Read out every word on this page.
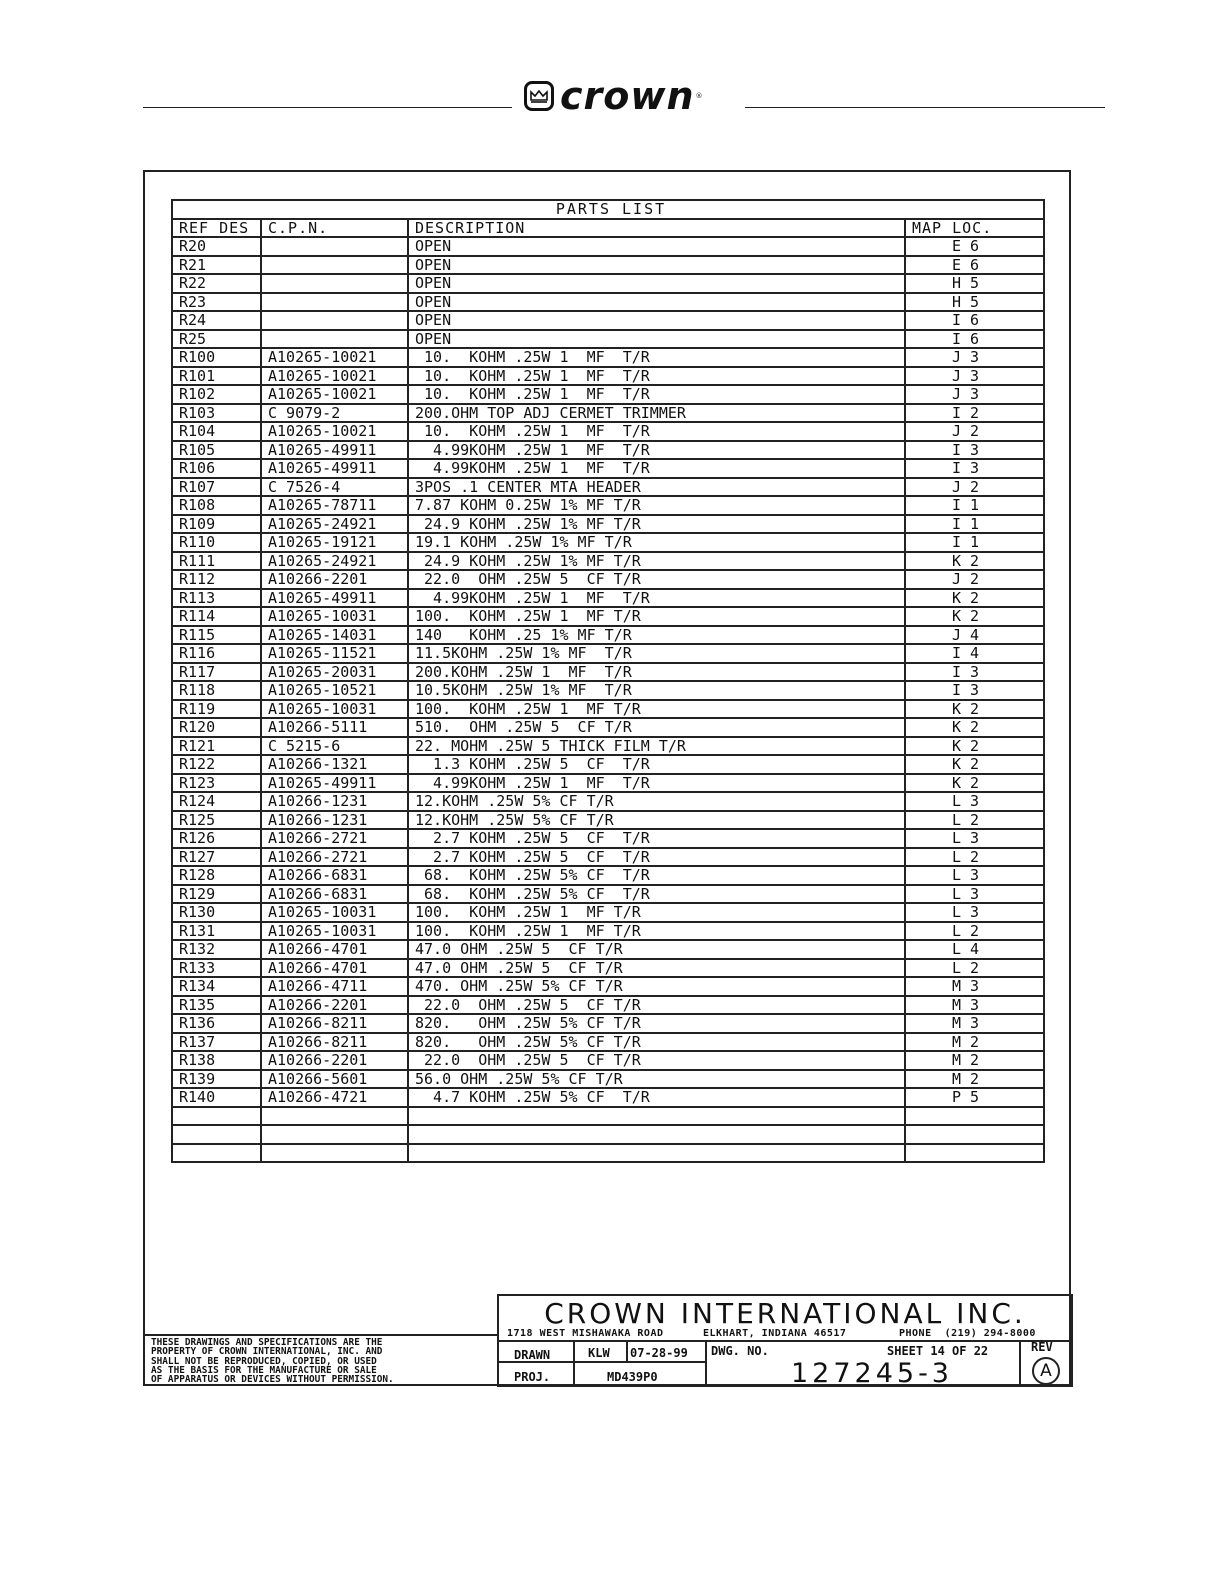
crown ®
PARTS LIST			
REF DES	C.P.N.	DESCRIPTION	MAP LOC.
R20		OPEN	E 6
R21		OPEN	E 6
R22		OPEN	H 5
R23		OPEN	H 5
R24		OPEN	I 6
R25		OPEN	I 6
R100	A10265-10021	10.  KOHM .25W 1  MF  T/R	J 3
R101	A10265-10021	10.  KOHM .25W 1  MF  T/R	J 3
R102	A10265-10021	10.  KOHM .25W 1  MF  T/R	J 3
R103	C 9079-2	200.OHM TOP ADJ CERMET TRIMMER	I 2
R104	A10265-10021	10.  KOHM .25W 1  MF  T/R	J 2
R105	A10265-49911	4.99KOHM .25W 1  MF  T/R	I 3
R106	A10265-49911	4.99KOHM .25W 1  MF  T/R	I 3
R107	C 7526-4	3POS .1 CENTER MTA HEADER	J 2
R108	A10265-78711	7.87 KOHM 0.25W 1% MF T/R	I 1
R109	A10265-24921	24.9 KOHM .25W 1% MF T/R	I 1
R110	A10265-19121	19.1 KOHM .25W 1% MF T/R	I 1
R111	A10265-24921	24.9 KOHM .25W 1% MF T/R	K 2
R112	A10266-2201	22.0  OHM .25W 5  CF T/R	J 2
R113	A10265-49911	4.99KOHM .25W 1  MF  T/R	K 2
R114	A10265-10031	100.  KOHM .25W 1  MF T/R	K 2
R115	A10265-14031	140   KOHM .25 1% MF T/R	J 4
R116	A10265-11521	11.5KOHM .25W 1% MF  T/R	I 4
R117	A10265-20031	200.KOHM .25W 1  MF  T/R	I 3
R118	A10265-10521	10.5KOHM .25W 1% MF  T/R	I 3
R119	A10265-10031	100.  KOHM .25W 1  MF T/R	K 2
R120	A10266-5111	510.  OHM .25W 5  CF T/R	K 2
R121	C 5215-6	22. MOHM .25W 5 THICK FILM T/R	K 2
R122	A10266-1321	1.3 KOHM .25W 5  CF  T/R	K 2
R123	A10265-49911	4.99KOHM .25W 1  MF  T/R	K 2
R124	A10266-1231	12.KOHM .25W 5% CF T/R	L 3
R125	A10266-1231	12.KOHM .25W 5% CF T/R	L 2
R126	A10266-2721	2.7 KOHM .25W 5  CF  T/R	L 3
R127	A10266-2721	2.7 KOHM .25W 5  CF  T/R	L 2
R128	A10266-6831	68.  KOHM .25W 5% CF  T/R	L 3
R129	A10266-6831	68.  KOHM .25W 5% CF  T/R	L 3
R130	A10265-10031	100.  KOHM .25W 1  MF T/R	L 3
R131	A10265-10031	100.  KOHM .25W 1  MF T/R	L 2
R132	A10266-4701	47.0 OHM .25W 5  CF T/R	L 4
R133	A10266-4701	47.0 OHM .25W 5  CF T/R	L 2
R134	A10266-4711	470. OHM .25W 5% CF T/R	M 3
R135	A10266-2201	22.0  OHM .25W 5  CF T/R	M 3
R136	A10266-8211	820.   OHM .25W 5% CF T/R	M 3
R137	A10266-8211	820.   OHM .25W 5% CF T/R	M 2
R138	A10266-2201	22.0  OHM .25W 5  CF T/R	M 2
R139	A10266-5601	56.0 OHM .25W 5% CF T/R	M 2
R140	A10266-4721	4.7 KOHM .25W 5% CF  T/R	P 5

THESE DRAWINGS AND SPECIFICATIONS ARE THE
PROPERTY OF CROWN INTERNATIONAL, INC. AND
SHALL NOT BE REPRODUCED, COPIED, OR USED
AS THE BASIS FOR THE MANUFACTURE OR SALE
OF APPARATUS OR DEVICES WITHOUT PERMISSION.
CROWN INTERNATIONAL INC.
1718 WEST MISHAWAKA ROAD	ELKHART, INDIANA 46517	PHONE  (219) 294-8000
DRAWN	KLW 07-28-99 DWG. NO.	SHEET 14 OF 22
PROJ.	MD439P0	127245-3
REV
A
